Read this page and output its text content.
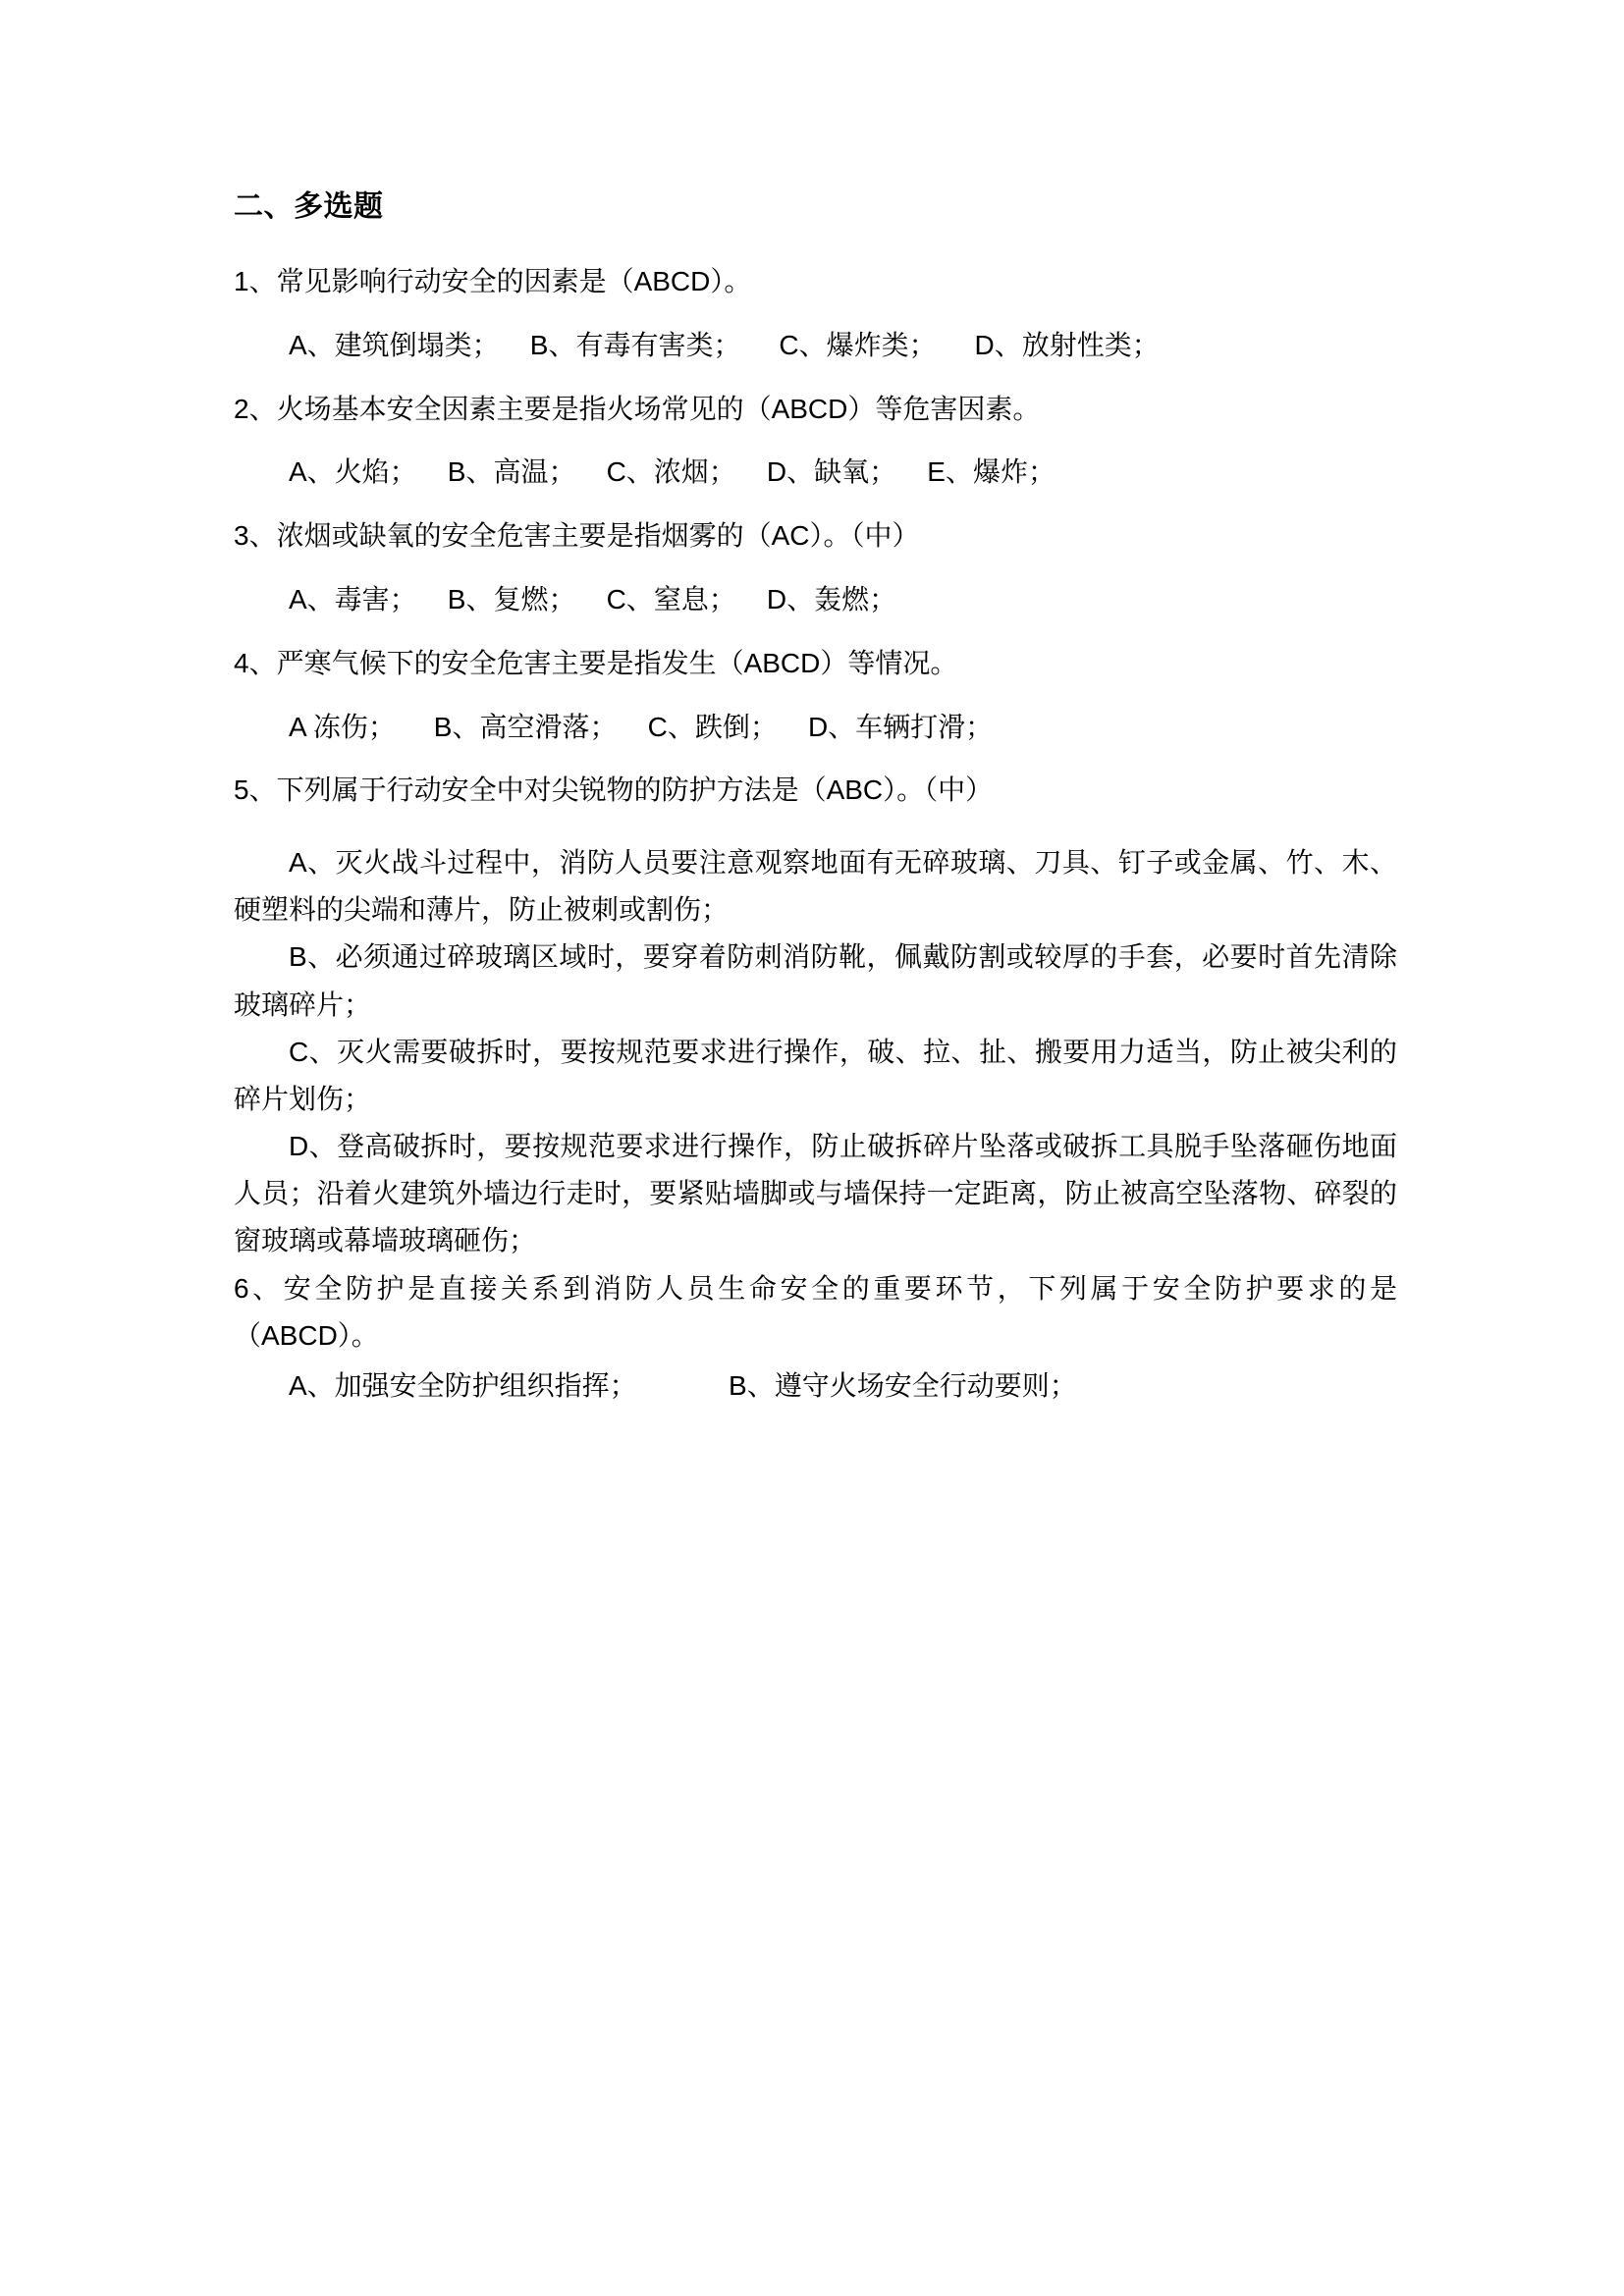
二、多选题

1、常见影响行动安全的因素是（ABCD）。

A、建筑倒塌类；    B、有毒有害类；     C、爆炸类；     D、放射性类；

2、火场基本安全因素主要是指火场常见的（ABCD）等危害因素。

A、火焰；    B、高温；    C、浓烟；    D、缺氧；    E、爆炸；

3、浓烟或缺氧的安全危害主要是指烟雾的（AC）。（中）

A、毒害；    B、复燃；    C、窒息；    D、轰燃；

4、严寒气候下的安全危害主要是指发生（ABCD）等情况。

A 冻伤；     B、高空滑落；    C、跌倒；    D、车辆打滑；

5、下列属于行动安全中对尖锐物的防护方法是（ABC）。（中）

A、灭火战斗过程中，消防人员要注意观察地面有无碎玻璃、刀具、钉子或金属、竹、木、硬塑料的尖端和薄片，防止被刺或割伤；

B、必须通过碎玻璃区域时，要穿着防刺消防靴，佩戴防割或较厚的手套，必要时首先清除玻璃碎片；

C、灭火需要破拆时，要按规范要求进行操作，破、拉、扯、搬要用力适当，防止被尖利的碎片划伤；

D、登高破拆时，要按规范要求进行操作，防止破拆碎片坠落或破拆工具脱手坠落砸伤地面人员；沿着火建筑外墙边行走时，要紧贴墙脚或与墙保持一定距离，防止被高空坠落物、碎裂的窗玻璃或幕墙玻璃砸伤；

6、安全防护是直接关系到消防人员生命安全的重要环节，下列属于安全防护要求的是（ABCD）。

A、加强安全防护组织指挥；            B、遵守火场安全行动要则；
